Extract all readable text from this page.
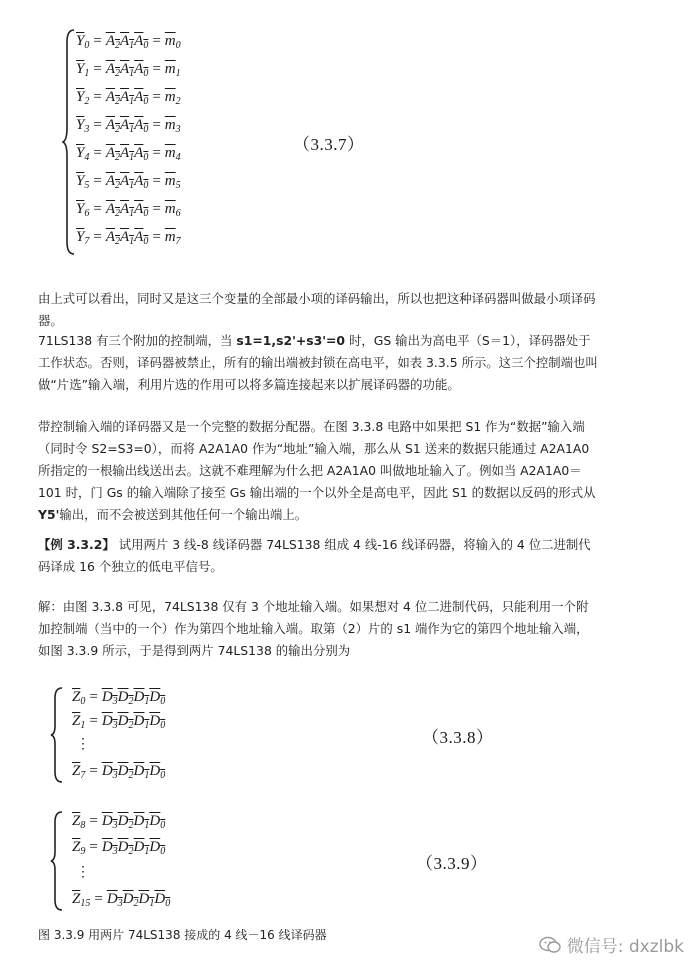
$\overline{Y}_0 = A_2A_1A_0 = \overline{m}_0$
$\overline{Y}_1 = A_2A_1A_0 = \overline{m}_1$
$\overline{Y}_2 = A_2A_1A_0 = \overline{m}_2$
$\overline{Y}_3 = A_2A_1A_0 = \overline{m}_3$
$\overline{Y}_4 = A_2A_1A_0 = \overline{m}_4$
$\overline{Y}_5 = A_2A_1A_0 = \overline{m}_5$
$\overline{Y}_6 = A_2A_1A_0 = \overline{m}_6$
$\overline{Y}_7 = A_2A_1A_0 = \overline{m}_7$
（3.3.7）

由上式可以看出，同时又是这三个变量的全部最小项的译码输出，所以也把这种译码器叫做最小项译码器。

71LS138 有三个附加的控制端，当 s1=1,s2'+s3'=0 时，GS 输出为高电平（S＝1），译码器处于工作状态。否则，译码器被禁止，所有的输出端被封锁在高电平，如表 3.3.5 所示。这三个控制端也叫做“片选”输入端，利用片选的作用可以将多篇连接起来以扩展译码器的功能。

带控制输入端的译码器又是一个完整的数据分配器。在图 3.3.8 电路中如果把 S1 作为“数据”输入端（同时令 S2=S3=0），而将 A2A1A0 作为“地址”输入端，那么从 S1 送来的数据只能通过 A2A1A0 所指定的一根输出线送出去。这就不难理解为什么把 A2A1A0 叫做地址输入了。例如当 A2A1A0＝101 时，门 Gs 的输入端除了接至 Gs 输出端的一个以外全是高电平，因此 S1 的数据以反码的形式从Y5'输出，而不会被送到其他任何一个输出端上。

【例 3.3.2】 试用两片 3 线-8 线译码器 74LS138 组成 4 线-16 线译码器，将输入的 4 位二进制代码译成 16 个独立的低电平信号。

解：由图 3.3.8 可见，74LS138 仅有 3 个地址输入端。如果想对 4 位二进制代码，只能利用一个附加控制端（当中的一个）作为第四个地址输入端。取第（2）片的 s1 端作为它的第四个地址输入端，如图 3.3.9 所示，于是得到两片 74LS138 的输出分别为

$\overline{Z}_0 = D_3D_2D_1D_0$
$\overline{Z}_1 = D_3D_2D_1D_0$
$\overline{Z}_7 = D_3D_2D_1D_0$
⋮	（3.3.8）
$\overline{Z}_8 = D_3D_2D_1D_0$
$\overline{Z}_9 = D_3D_2D_1D_0$
$\overline{Z}_{15} = D_3D_2D_1D_0$
⋮	（3.3.9）
图 3.3.9 用两片 74LS138 接成的 4 线－16 线译码器
微信号: dxzlbk
